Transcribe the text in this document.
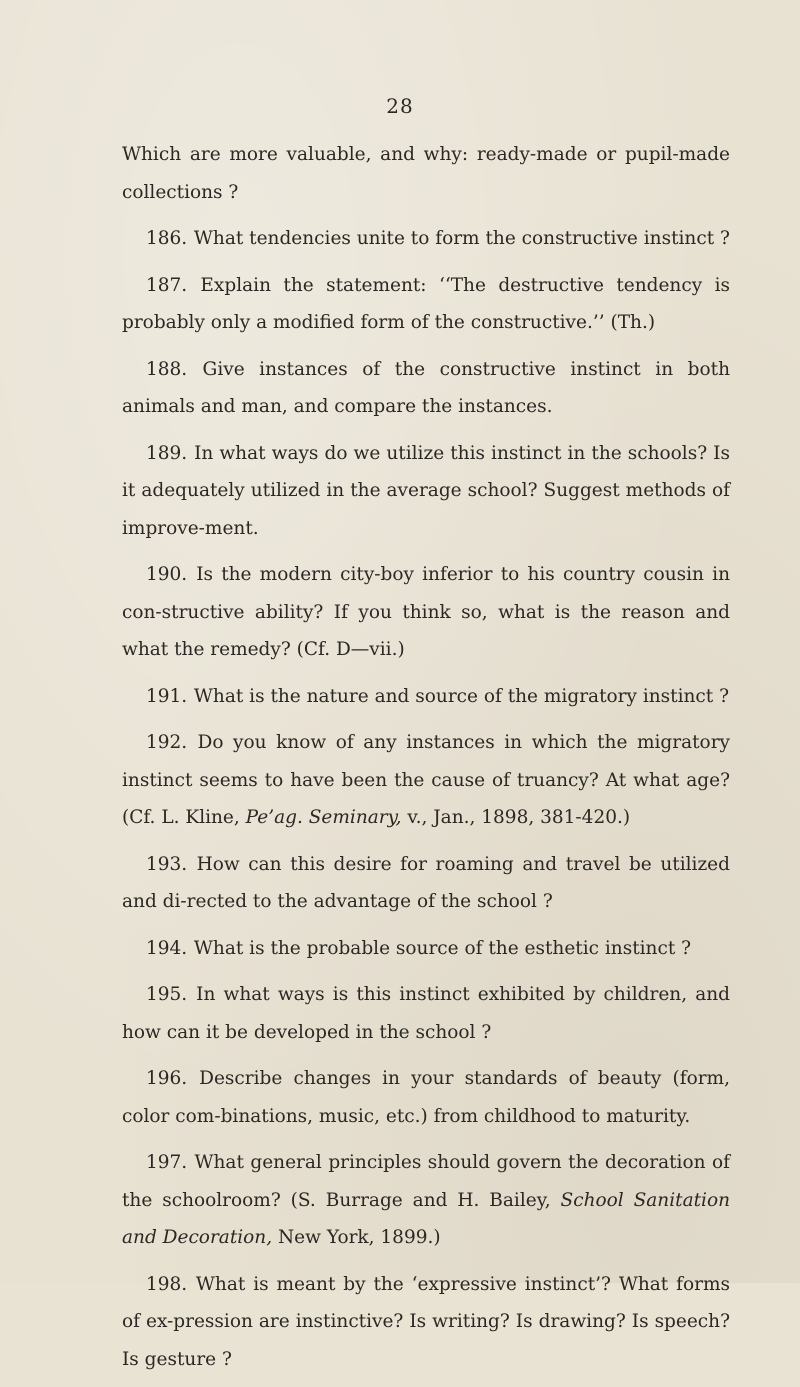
28

Which are more valuable, and why: ready-made or pupil-made collections ?

186. What tendencies unite to form the constructive instinct ?

187. Explain the statement: ‘‘The destructive tendency is probably only a modified form of the constructive.’’ (Th.)

188. Give instances of the constructive instinct in both animals and man, and compare the instances.

189. In what ways do we utilize this instinct in the schools? Is it adequately utilized in the average school? Suggest methods of improve-ment.

190. Is the modern city-boy inferior to his country cousin in con-structive ability? If you think so, what is the reason and what the remedy? (Cf. D—vii.)

191. What is the nature and source of the migratory instinct ?

192. Do you know of any instances in which the migratory instinct seems to have been the cause of truancy? At what age? (Cf. L. Kline, Pe’ag. Seminary, v., Jan., 1898, 381-420.)

193. How can this desire for roaming and travel be utilized and di-rected to the advantage of the school ?

194. What is the probable source of the esthetic instinct ?

195. In what ways is this instinct exhibited by children, and how can it be developed in the school ?

196. Describe changes in your standards of beauty (form, color com-binations, music, etc.) from childhood to maturity.

197. What general principles should govern the decoration of the schoolroom? (S. Burrage and H. Bailey, School Sanitation and Decoration, New York, 1899.)

198. What is meant by the ‘expressive instinct’? What forms of ex-pression are instinctive? Is writing? Is drawing? Is speech? Is gesture ?
